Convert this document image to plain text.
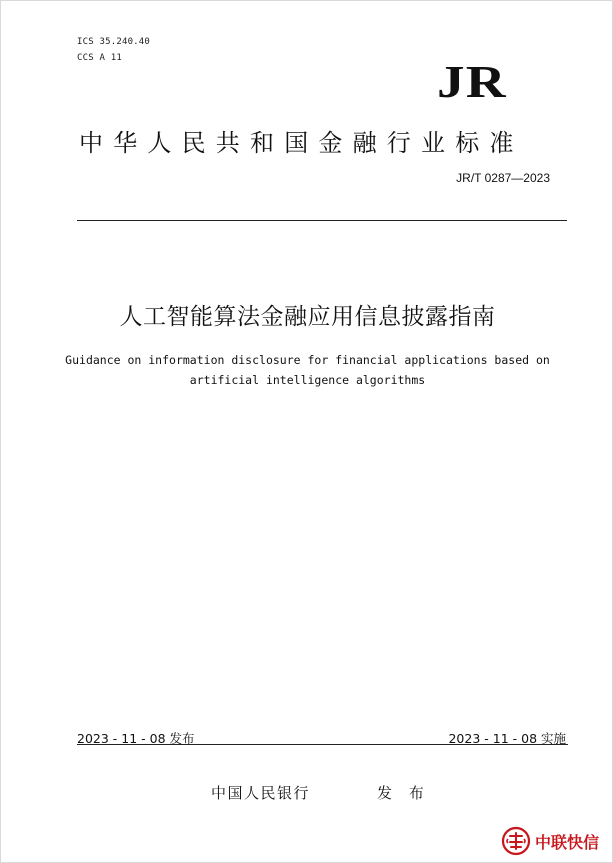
ICS 35.240.40
CCS A 11	JR
中华人民共和国金融行业标准
JR/T 0287—2023
人工智能算法金融应用信息披露指南
Guidance on information disclosure for financial applications based on
artificial intelligence algorithms
2023 - 11 - 08 发布	2023 - 11 - 08 实施
中国人民银行	发 布
中联快信
